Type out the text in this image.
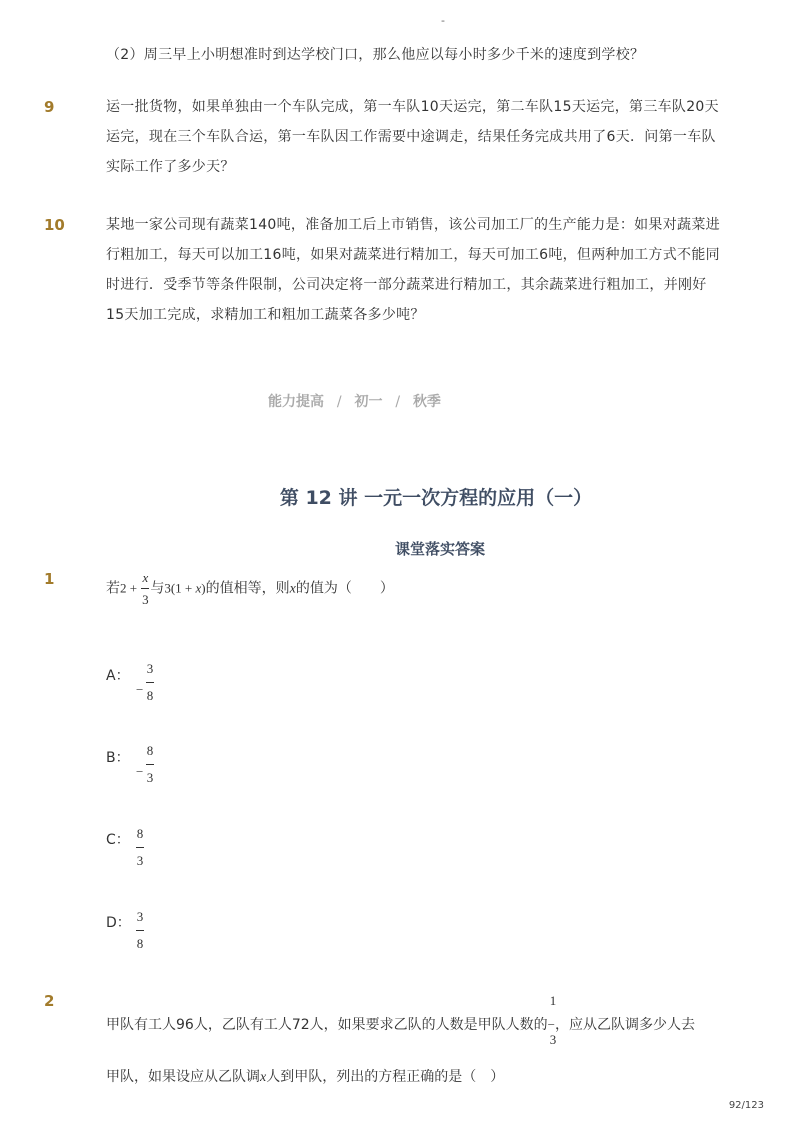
-
（2）周三早上小明想准时到达学校门口，那么他应以每小时多少千米的速度到学校？
9	运一批货物，如果单独由一个车队完成，第一车队10天运完，第二车队15天运完，第三车队20天
运完，现在三个车队合运，第一车队因工作需要中途调走，结果任务完成共用了6天．问第一车队
实际工作了多少天？
10	某地一家公司现有蔬菜140吨，准备加工后上市销售，该公司加工厂的生产能力是：如果对蔬菜进
行粗加工，每天可以加工16吨，如果对蔬菜进行精加工，每天可加工6吨，但两种加工方式不能同
时进行．受季节等条件限制，公司决定将一部分蔬菜进行精加工，其余蔬菜进行粗加工，并刚好
15天加工完成，求精加工和粗加工蔬菜各多少吨？
能力提高 / 初一 / 秋季
第 12 讲 一元一次方程的应用（一）
课堂落实答案
1
若2 +
x
3
与3(1 + x)的值相等，则x的值为（　　）
A：
−
3
8
B：
−
8
3
C： 8
3
D： 3
8
2
甲队有工人96人，乙队有工人72人，如果要求乙队的人数是甲队人数的−，应从乙队调多少人去
1
3
甲队，如果设应从乙队调x人到甲队，列出的方程正确的是（　）
92/123
